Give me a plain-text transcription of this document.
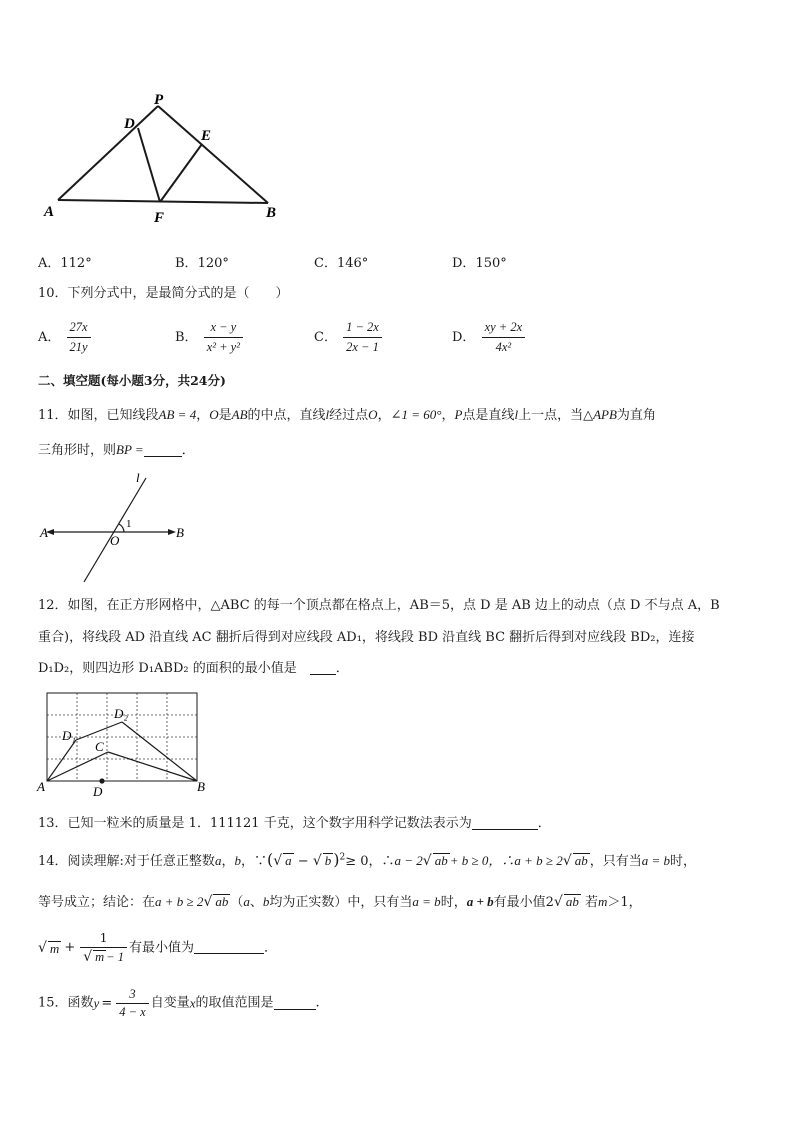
P
D
E
A	F	B
A．112°	B．120°	C．146°	D．150°
10．下列分式中，是最简分式的是（　　）
A． $\frac{27x}{21y}$	B． $\frac{x - y}{\text{x² + y²}}$	C． $\frac{1 - 2x}{2x - 1}$	D． $\frac{xy + 2x}{\text{4x²}}$
二、填空题(每小题3分，共24分)
11．如图，已知线段AB = 4，O是AB的中点，直线l经过点O，∠1 = 60°，P点是直线l上一点，当△APB为直角
三角形时，则BP =	．
l
A	B
O
1
12．如图，在正方形网格中，△ABC 的每一个顶点都在格点上，AB＝5，点 D 是 AB 边上的动点（点 D 不与点 A，B
重合)，将线段 AD 沿直线 AC 翻折后得到对应线段 AD₁，将线段 BD 沿直线 BC 翻折后得到对应线段 BD₂，连接
D₁D₂，则四边形 D₁ABD₂ 的面积的最小值是　．
A	B
C
D
D₁
D₂
13．已知一粒米的质量是 1．111121 千克，这个数字用科学记数法表示为	．
14．阅读理解:对于任意正整数a，b，∵(√ a − √ b )$^2$≥ 0，∴a − 2√ ab + b ≥ 0，∴a + b ≥ 2√ ab ，只有当a = b时，
等号成立；结论：在a + b ≥ 2√ ab （a、b均为正实数）中，只有当a = b时，a + b有最小值2√ ab 若m＞1，
√ $m + \frac{1}{√ m - 1}$ 有最小值为	．
15．函数$y = \frac{3}{4 - x}$ 自变量x的取值范围是	.
